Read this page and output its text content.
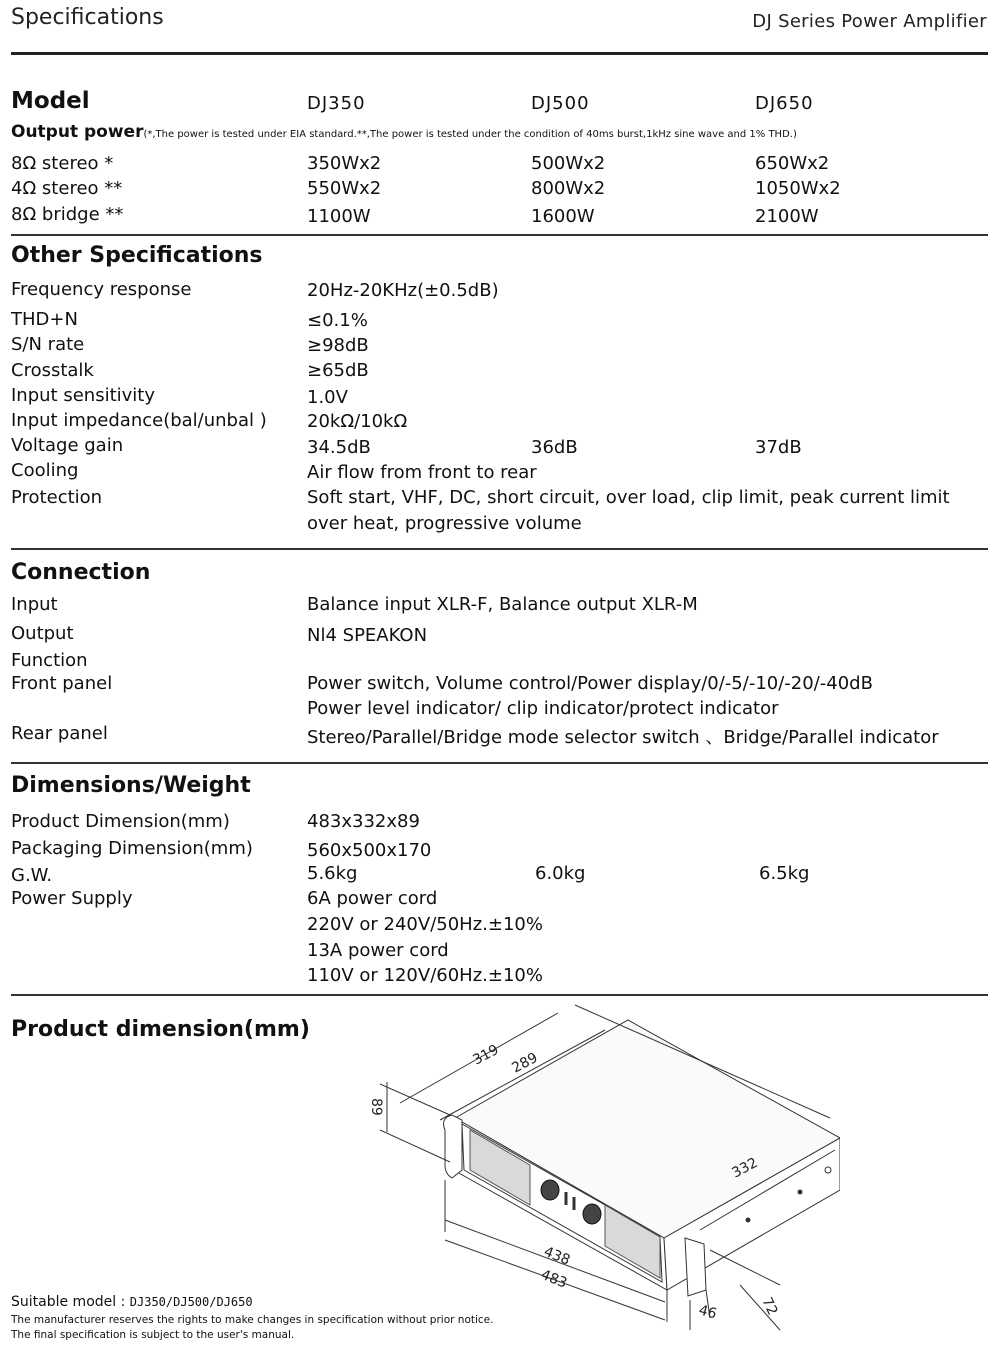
Specifications	DJ Series Power Amplifier
Model	DJ350	DJ500	DJ650
Output power(*,The power is tested under EIA standard.**,The power is tested under the condition of 40ms burst,1kHz sine wave and 1% THD.)
8Ω stereo *	350Wx2	500Wx2	650Wx2
4Ω stereo **	550Wx2	800Wx2	1050Wx2
8Ω bridge **	1100W	1600W	2100W
Other Specifications
Frequency response	20Hz-20KHz(±0.5dB)
THD+N	≤0.1%
S/N rate	≥98dB
Crosstalk	≥65dB
Input sensitivity	1.0V
Input impedance(bal/unbal ) 20kΩ/10kΩ
Voltage gain	34.5dB	36dB	37dB
Cooling	Air flow from front to rear
Protection	Soft start, VHF, DC, short circuit, over load, clip limit, peak current limit
over heat, progressive volume
Connection
Input	Balance input XLR-F, Balance output XLR-M
Output	Nl4 SPEAKON
Function
Front panel	Power switch, Volume control/Power display/0/-5/-10/-20/-40dB
Power level indicator/ clip indicator/protect indicator
Rear panel	Stereo/Parallel/Bridge mode selector switch 、Bridge/Parallel indicator
Dimensions/Weight
Product Dimension(mm)	483x332x89
Packaging Dimension(mm)	560x500x170
G.W.	5.6kg	6.0kg	6.5kg
Power Supply	6A power cord
220V or 240V/50Hz.±10%
13A power cord
110V or 120V/60Hz.±10%
Product dimension(mm)
319 289
89
332
438
483
46	72
Suitable model : DJ350/DJ500/DJ650
The manufacturer reserves the rights to make changes in specification without prior notice.
The final specification is subject to the user's manual.
